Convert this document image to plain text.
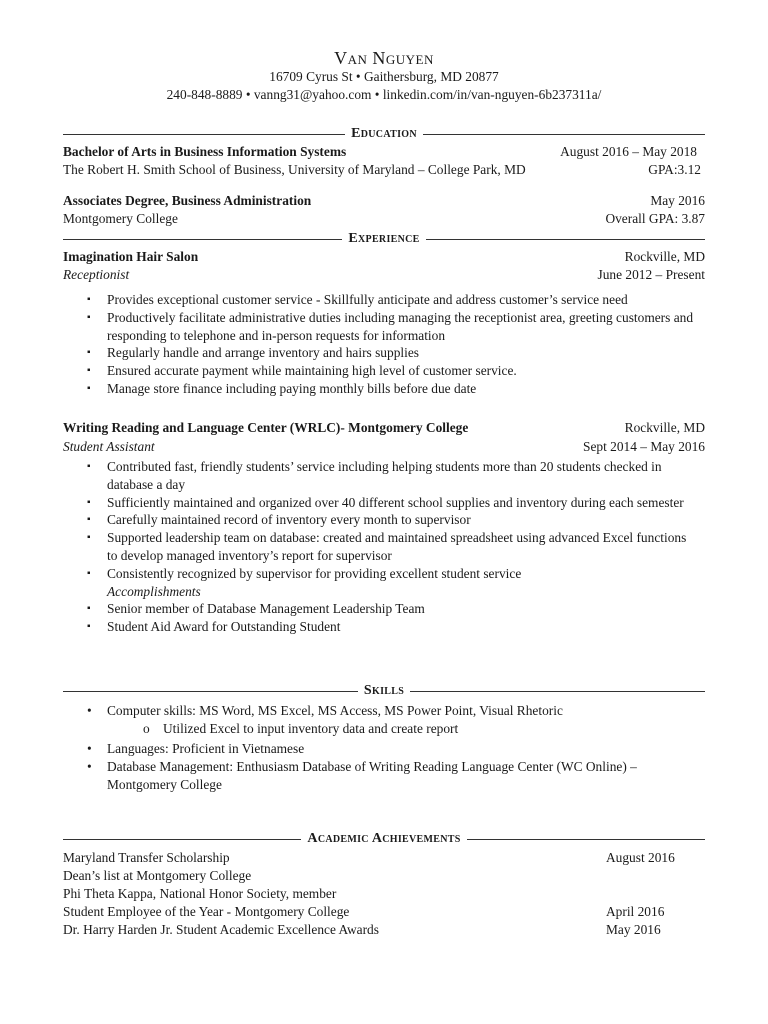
Van Nguyen
16709 Cyrus St • Gaithersburg, MD 20877
240-848-8889 • vanng31@yahoo.com • linkedin.com/in/van-nguyen-6b237311a/
Education
Bachelor of Arts in Business Information Systems	August 2016 – May 2018
The Robert H. Smith School of Business, University of Maryland – College Park, MD	GPA:3.12
Associates Degree, Business Administration	May 2016
Montgomery College	Overall GPA: 3.87
Experience
Imagination Hair Salon	Rockville, MD
Receptionist	June 2012 – Present
▪ Provides exceptional customer service - Skillfully anticipate and address customer’s service need
▪ Productively facilitate administrative duties including managing the receptionist area, greeting customers and responding to telephone and in-person requests for information
▪ Regularly handle and arrange inventory and hairs supplies
▪ Ensured accurate payment while maintaining high level of customer service.
▪ Manage store finance including paying monthly bills before due date
Writing Reading and Language Center (WRLC)- Montgomery College	Rockville, MD
Student Assistant	Sept 2014 – May 2016
▪ Contributed fast, friendly students’ service including helping students more than 20 students checked in database a day
▪ Sufficiently maintained and organized over 40 different school supplies and inventory during each semester
▪ Carefully maintained record of inventory every month to supervisor
▪ Supported leadership team on database: created and maintained spreadsheet using advanced Excel functions to develop managed inventory’s report for supervisor
▪ Consistently recognized by supervisor for providing excellent student service
Accomplishments
▪ Senior member of Database Management Leadership Team
▪ Student Aid Award for Outstanding Student
Skills
• Computer skills: MS Word, MS Excel, MS Access, MS Power Point, Visual Rhetoric
o Utilized Excel to input inventory data and create report
• Languages: Proficient in Vietnamese
• Database Management: Enthusiasm Database of Writing Reading Language Center (WC Online) – Montgomery College
Academic Achievements
Maryland Transfer Scholarship	August 2016
Dean’s list at Montgomery College
Phi Theta Kappa, National Honor Society, member
Student Employee of the Year - Montgomery College	April 2016
Dr. Harry Harden Jr. Student Academic Excellence Awards	May 2016
